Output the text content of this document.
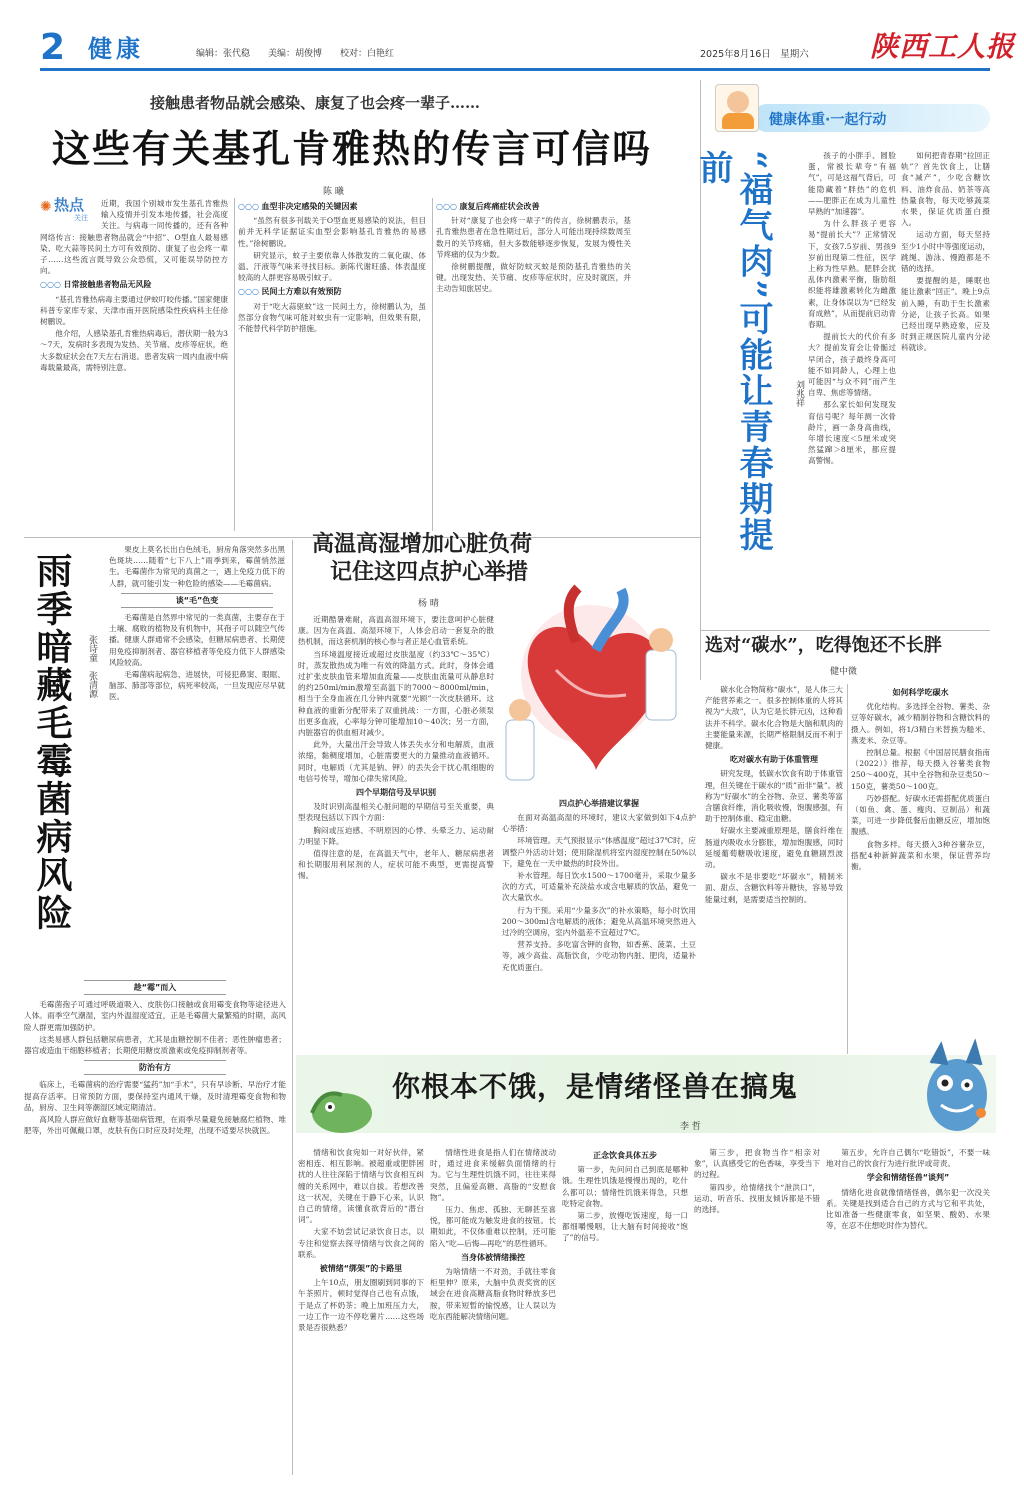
2 健康	编辑：张代稳　　美编：胡俊博　　校对：白艳红	2025年8月16日　星期六 陕西工人报
接触患者物品就会感染、康复了也会疼一辈子……
这些有关基孔肯雅热的传言可信吗
陈 曦
✺ 热点
关注

近期，我国个别城市发生基孔肯雅热输入疫情并引发本地传播，社会高度关注。与病毒一同传播的，还有各种网络传言：接触患者物品就会“中招”、O型血人最易感染、吃大蒜等民间土方可有效预防、康复了也会疼一辈子……这些流言既导致公众恐慌，又可能误导防控方向。

○○○ 日常接触患者物品无风险

“基孔肯雅热病毒主要通过伊蚊叮咬传播。”国家健康科普专家库专家、天津市南开医院感染性疾病科主任徐树鹏说。

他介绍，人感染基孔肯雅热病毒后，潜伏期一般为3～7天，发病时多表现为发热、关节痛、皮疹等症状，绝大多数症状会在7天左右消退。患者发病一周内血液中病毒载量最高，需特别注意。

○○○ 血型非决定感染的关键因素

“虽然有很多刊载关于O型血更易感染的说法，但目前并无科学证据证实血型会影响基孔肯雅热的易感性。”徐树鹏说。

研究显示，蚊子主要依靠人体散发的二氧化碳、体温、汗液等气味来寻找目标。新陈代谢旺盛、体表温度较高的人群更容易吸引蚊子。

○○○ 民间土方难以有效预防

对于“吃大蒜驱蚊”这一民间土方，徐树鹏认为，虽然部分食物气味可能对蚊虫有一定影响，但效果有限，不能替代科学防护措施。

○○○ 康复后疼痛症状会改善

针对“康复了也会疼一辈子”的传言，徐树鹏表示，基孔肯雅热患者在急性期过后，部分人可能出现持续数周至数月的关节疼痛，但大多数能够逐步恢复，发展为慢性关节疼痛的仅为少数。

徐树鹏提醒，做好防蚊灭蚊是预防基孔肯雅热的关键。出现发热、关节痛、皮疹等症状时，应及时就医，并主动告知旅居史。

健康体重·一起行动
“福气肉”可能让青春期提前
刘兆祥

孩子的小胖手、圆脸蛋，常被长辈夸“有福气”，可是这福气背后，可能隐藏着“胖热”的危机——肥胖正在成为儿童性早熟的“加速器”。

为什么胖孩子更容易“提前长大”？正常情况下，女孩7.5岁前、男孩9岁前出现第二性征，医学上称为性早熟。肥胖会扰乱体内激素平衡，脂肪组织能将雄激素转化为雌激素，让身体误以为“已经发育成熟”，从而提前启动青春期。

提前长大的代价有多大？提前发育会让骨骺过早闭合，孩子最终身高可能不如同龄人，心理上也可能因“与众不同”而产生自卑、焦虑等情绪。

那么家长如何发现发育信号呢？每年测一次骨龄片，画一条身高曲线，年增长速度＜5厘米或突然猛蹿＞8厘米，都应提高警惕。

如何把青春期“拉回正轨”？首先饮食上，让膳食“减产”，少吃含糖饮料、油炸食品、奶茶等高热量食物，每天吃够蔬菜水果，保证优质蛋白摄入。

运动方面，每天坚持至少1小时中等强度运动，跳绳、游泳、慢跑都是不错的选择。

要提醒的是，睡眠也能让激素“回正”。晚上9点前入睡，有助于生长激素分泌，让孩子长高。如果已经出现早熟迹象，应及时到正规医院儿童内分泌科就诊。

雨季暗藏毛霉菌病风险 张诗童　张清源

果皮上莫名长出白色绒毛，厨房角落突然多出黑色斑块……随着“七下八上”雨季到来，霉菌悄然滋生。毛霉菌作为常见的真菌之一，遇上免疫力低下的人群，就可能引发一种危险的感染——毛霉菌病。

谈“毛”色变

毛霉菌是自然界中常见的一类真菌，主要存在于土壤、腐败的植物及有机物中，其孢子可以随空气传播。健康人群通常不会感染，但糖尿病患者、长期使用免疫抑制剂者、器官移植者等免疫力低下人群感染风险较高。

毛霉菌病起病急、进展快，可侵犯鼻窦、眼眶、脑部、肺部等部位，病死率较高，一旦发现应尽早就医。

趁“霉”而入

毛霉菌孢子可通过呼吸道吸入、皮肤伤口接触或食用霉变食物等途径进入人体。雨季空气潮湿，室内外温湿度适宜，正是毛霉菌大量繁殖的时期，高风险人群更需加强防护。

这类易感人群包括糖尿病患者，尤其是血糖控制不佳者；恶性肿瘤患者；器官或造血干细胞移植者；长期使用糖皮质激素或免疫抑制剂者等。

防治有方

临床上，毛霉菌病的治疗需要“猛药”加“手术”，只有早诊断、早治疗才能提高存活率。日常预防方面，要保持室内通风干燥，及时清理霉变食物和物品，厨房、卫生间等潮湿区域定期清洁。

高风险人群应做好血糖等基础病管理，在雨季尽量避免接触腐烂植物、堆肥等，外出可佩戴口罩，皮肤有伤口时应及时处理，出现不适要尽快就医。

高温高湿增加心脏负荷
记住这四点护心举措
杨 晴

近期酷暑难耐，高温高湿环境下，要注意呵护心脏健康。因为在高温、高湿环境下，人体会启动一套复杂的散热机制，而这套机制的核心参与者正是心血管系统。

当环境温度接近或超过皮肤温度（约33℃～35℃）时，蒸发散热成为唯一有效的降温方式。此时，身体会通过扩张皮肤血管来增加血流量——皮肤血流量可从静息时的约250ml/min激增至高温下的7000～8000ml/min，相当于全身血液在几分钟内就要“光顾”一次皮肤循环。这种血液的重新分配带来了双重挑战：一方面，心脏必须泵出更多血液，心率每分钟可能增加10～40次；另一方面，内脏器官的供血相对减少。

此外，大量出汗会导致人体丢失水分和电解质，血液浓缩，黏稠度增加，心脏需要更大的力量推动血液循环。同时，电解质（尤其是钠、钾）的丢失会干扰心肌细胞的电信号传导，增加心律失常风险。

四个早期信号及早识别

及时识别高温相关心脏问题的早期信号至关重要，典型表现包括以下四个方面：

胸闷或压迫感、不明原因的心悸、头晕乏力、运动耐力明显下降。

值得注意的是，在高温天气中，老年人、糖尿病患者和长期服用利尿剂的人，症状可能不典型，更需提高警惕。

四点护心举措建议掌握

在面对高温高湿的环境时，建议大家做到如下4点护心举措：

环境管理。天气预报显示“体感温度”超过37℃时，应调整户外活动计划；使用除湿机将室内湿度控制在50%以下，避免在一天中最热的时段外出。

补水管理。每日饮水1500～1700毫升，采取少量多次的方式，可适量补充淡盐水或含电解质的饮品，避免一次大量饮水。

行为干预。采用“少量多次”的补水策略，每小时饮用200～300ml含电解质的液体；避免从高温环境突然进入过冷的空调房，室内外温差不宜超过7℃。

营养支持。多吃富含钾的食物，如香蕉、菠菜、土豆等，减少高盐、高脂饮食，少吃动物内脏、肥肉，适量补充优质蛋白。

选对“碳水”，吃得饱还不长胖
健中微

碳水化合物简称“碳水”，是人体三大产能营养素之一。很多控制体重的人将其视为“大敌”，认为它是长胖元凶，这种看法并不科学。碳水化合物是大脑和肌肉的主要能量来源，长期严格限制反而不利于健康。

吃对碳水有助于体重管理

研究发现，低碳水饮食有助于体重管理，但关键在于碳水的“质”而非“量”。被称为“好碳水”的全谷物、杂豆、薯类等富含膳食纤维，消化吸收慢，饱腹感强，有助于控制体重、稳定血糖。

好碳水主要减重原理是，膳食纤维在肠道内吸收水分膨胀，增加饱腹感，同时延缓葡萄糖吸收速度，避免血糖剧烈波动。

碳水不是非要吃“坏碳水”，精制米面、甜点、含糖饮料等升糖快，容易导致能量过剩，是需要适当控制的。

如何科学吃碳水

优化结构。多选择全谷物、薯类、杂豆等好碳水，减少精制谷物和含糖饮料的摄入。例如，将1/3精白米替换为糙米、燕麦米、杂豆等。

控制总量。根据《中国居民膳食指南（2022）》推荐，每天摄入谷薯类食物250～400克，其中全谷物和杂豆类50～150克，薯类50～100克。

巧妙搭配。好碳水还需搭配优质蛋白（如鱼、禽、蛋、瘦肉、豆制品）和蔬菜，可进一步降低餐后血糖反应，增加饱腹感。

食物多样。每天摄入3种谷薯杂豆，搭配4种新鲜蔬菜和水果，保证营养均衡。

你根本不饿，是情绪怪兽在搞鬼
李 哲

情绪和饮食宛如一对好伙伴，紧密相连、相互影响。被超重或肥胖困扰的人往往深陷于情绪与饮食相互纠缠的关系网中，难以自拔。若想改善这一状况，关键在于静下心来，认识自己的情绪，读懂食欲背后的“潜台词”。

大家不妨尝试记录饮食日志，以专注和觉察去探寻情绪与饮食之间的联系。

被情绪“绑架”的卡路里

上午10点，朋友圈刷到同事的下午茶照片，顿时觉得自己也有点饿，于是点了杯奶茶；晚上加班压力大，一边工作一边不停吃薯片……这些场景是否很熟悉？

情绪性进食是指人们在情绪波动时，通过进食来缓解负面情绪的行为。它与生理性饥饿不同，往往来得突然，且偏爱高糖、高脂的“安慰食物”。

压力、焦虑、孤独、无聊甚至喜悦，都可能成为触发进食的按钮。长期如此，不仅体重难以控制，还可能陷入“吃—后悔—再吃”的恶性循环。

当身体被情绪操控

为啥情绪一不对劲，手就往零食柜里伸？原来，大脑中负责奖赏的区域会在进食高糖高脂食物时释放多巴胺，带来短暂的愉悦感，让人误以为吃东西能解决情绪问题。

正念饮食具体五步

第一步，先问问自己到底是哪种饿。生理性饥饿是慢慢出现的，吃什么都可以；情绪性饥饿来得急，只想吃特定食物。

第二步，放慢吃饭速度，每一口都细嚼慢咽，让大脑有时间接收“饱了”的信号。

第三步，把食物当作“相亲对象”，认真感受它的色香味，享受当下的过程。

第四步，给情绪找个“泄洪口”，运动、听音乐、找朋友倾诉都是不错的选择。

第五步，允许自己偶尔“吃错饭”，不要一味地对自己的饮食行为进行批评或苛责。

学会和情绪怪兽“谈判”

情绪化进食就像情绪怪兽，偶尔犯一次没关系。关键是找到适合自己的方式与它和平共处，比如准备一些健康零食，如坚果、酸奶、水果等，在忍不住想吃时作为替代。
